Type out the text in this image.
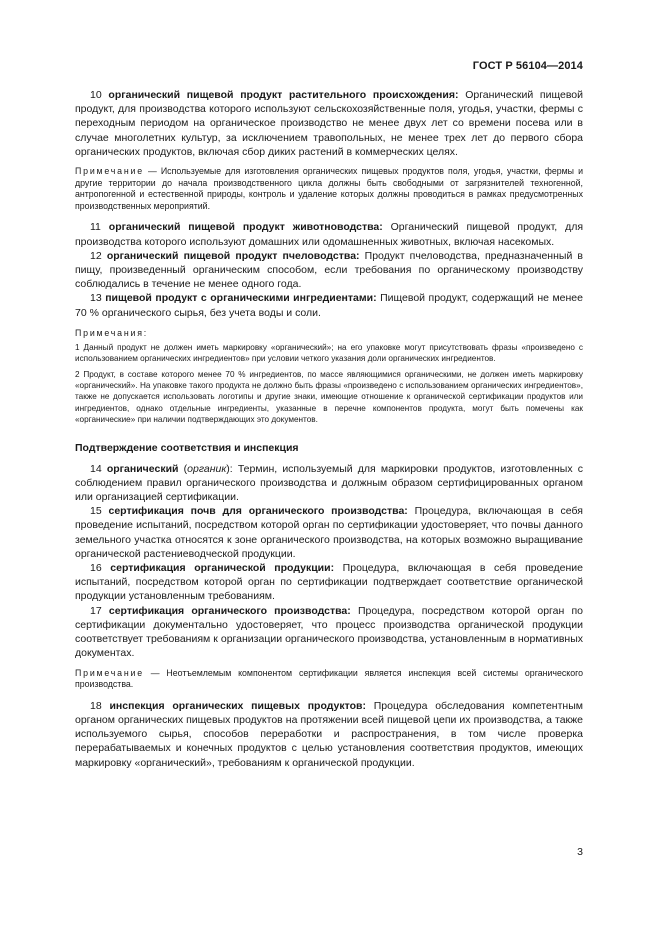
ГОСТ Р 56104—2014

10 органический пищевой продукт растительного происхождения: Органический пищевой продукт, для производства которого используют сельскохозяйственные поля, угодья, участки, фермы с переходным периодом на органическое производство не менее двух лет со времени посева или в случае многолетних культур, за исключением травопольных, не менее трех лет до первого сбора органических продуктов, включая сбор диких растений в коммерческих целях.

Примечание — Используемые для изготовления органических пищевых продуктов поля, угодья, участки, фермы и другие территории до начала производственного цикла должны быть свободными от загрязнителей техногенной, антропогенной и естественной природы, контроль и удаление которых должны проводиться в рамках предусмотренных производственных мероприятий.

11 органический пищевой продукт животноводства: Органический пищевой продукт, для производства которого используют домашних или одомашненных животных, включая насекомых.

12 органический пищевой продукт пчеловодства: Продукт пчеловодства, предназначенный в пищу, произведенный органическим способом, если требования по органическому производству соблюдались в течение не менее одного года.

13 пищевой продукт с органическими ингредиентами: Пищевой продукт, содержащий не менее 70 % органического сырья, без учета воды и соли.

Примечания:

1 Данный продукт не должен иметь маркировку «органический»; на его упаковке могут присутствовать фразы «произведено с использованием органических ингредиентов» при условии четкого указания доли органических ингредиентов.

2 Продукт, в составе которого менее 70 % ингредиентов, по массе являющимися органическими, не должен иметь маркировку «органический». На упаковке такого продукта не должно быть фразы «произведено с использованием органических ингредиентов», также не допускается использовать логотипы и другие знаки, имеющие отношение к органической сертификации продуктов или ингредиентов, однако отдельные ингредиенты, указанные в перечне компонентов продукта, могут быть помечены как «органические» при наличии подтверждающих это документов.

Подтверждение соответствия и инспекция

14 органический (органик): Термин, используемый для маркировки продуктов, изготовленных с соблюдением правил органического производства и должным образом сертифицированных органом или организацией сертификации.

15 сертификация почв для органического производства: Процедура, включающая в себя проведение испытаний, посредством которой орган по сертификации удостоверяет, что почвы данного земельного участка относятся к зоне органического производства, на которых возможно выращивание органической растениеводческой продукции.

16 сертификация органической продукции: Процедура, включающая в себя проведение испытаний, посредством которой орган по сертификации подтверждает соответствие органической продукции установленным требованиям.

17 сертификация органического производства: Процедура, посредством которой орган по сертификации документально удостоверяет, что процесс производства органической продукции соответствует требованиям к организации органического производства, установленным в нормативных документах.

Примечание — Неотъемлемым компонентом сертификации является инспекция всей системы органического производства.

18 инспекция органических пищевых продуктов: Процедура обследования компетентным органом органических пищевых продуктов на протяжении всей пищевой цепи их производства, а также используемого сырья, способов переработки и распространения, в том числе проверка перерабатываемых и конечных продуктов с целью установления соответствия продуктов, имеющих маркировку «органический», требованиям к органической продукции.

3
